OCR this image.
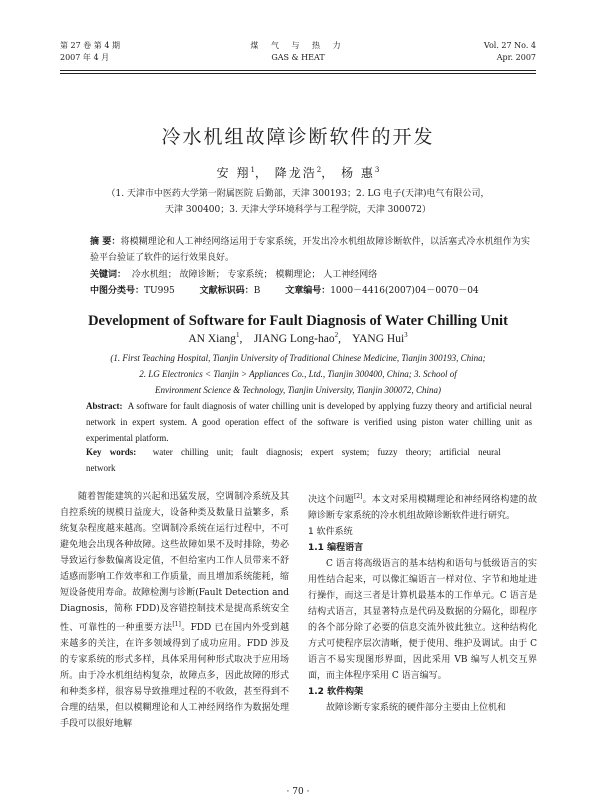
第 27 卷 第 4 期
2007 年 4 月
煤 气 与 热 力
GAS & HEAT
Vol. 27 No. 4
Apr. 2007
冷水机组故障诊断软件的开发
安 翔$^1$， 降龙浩$^2$， 杨 惠$^3$
（1. 天津市中医药大学第一附属医院 后勤部，天津 300193；2. LG 电子(天津)电气有限公司，
天津 300400；3. 天津大学环境科学与工程学院，天津 300072）
摘 要：将模糊理论和人工神经网络运用于专家系统，开发出冷水机组故障诊断软件，以活塞式冷水机组作为实验平台验证了软件的运行效果良好。
关键词： 冷水机组； 故障诊断； 专家系统； 模糊理论； 人工神经网络
中图分类号：TU995	文献标识码：B	文章编号：1000－4416(2007)04－0070－04
Development of Software for Fault Diagnosis of Water Chilling Unit
AN Xiang$^1$,    JIANG Long-hao$^2$,    YANG Hui$^3$
(1. First Teaching Hospital, Tianjin University of Traditional Chinese Medicine, Tianjin 300193, China;
2. LG Electronics < Tianjin > Appliances Co., Ltd., Tianjin 300400, China; 3. School of
Environment Science & Technology, Tianjin University, Tianjin 300072, China)
Abstract: A software for fault diagnosis of water chilling unit is developed by applying fuzzy theory and artificial neural network in expert system. A good operation effect of the software is verified using piston water chilling unit as experimental platform.
Key words: water chilling unit; fault diagnosis; expert system; fuzzy theory; artificial neural network

随着智能建筑的兴起和迅猛发展，空调制冷系统及其自控系统的规模日益庞大，设备种类及数量日益繁多，系统复杂程度越来越高。空调制冷系统在运行过程中，不可避免地会出现各种故障。这些故障如果不及时排除，势必导致运行参数偏离设定值，不但给室内工作人员带来不舒适感而影响工作效率和工作质量，而且增加系统能耗，缩短设备使用寿命。故障检测与诊断(Fault Detection and Diagnosis，简称 FDD)及容错控制技术是提高系统安全性、可靠性的一种重要方法[1]。FDD 已在国内外受到越来越多的关注，在许多领域得到了成功应用。FDD 涉及的专家系统的形式多样，具体采用何种形式取决于应用场所。由于冷水机组结构复杂，故障点多，因此故障的形式和种类多样，很容易导致推理过程的不收敛，甚至得到不合理的结果，但以模糊理论和人工神经网络作为数据处理手段可以很好地解

决这个问题[2]。本文对采用模糊理论和神经网络构建的故障诊断专家系统的冷水机组故障诊断软件进行研究。

1 软件系统

1.1 编程语言

C 语言将高级语言的基本结构和语句与低级语言的实用性结合起来，可以像汇编语言一样对位、字节和地址进行操作，而这三者是计算机最基本的工作单元。C 语言是结构式语言，其显著特点是代码及数据的分隔化，即程序的各个部分除了必要的信息交流外彼此独立。这种结构化方式可使程序层次清晰，便于使用、维护及调试。由于 C 语言不易实现图形界面，因此采用 VB 编写人机交互界面，而主体程序采用 C 语言编写。

1.2 软件构架

故障诊断专家系统的硬件部分主要由上位机和

· 70 ·
